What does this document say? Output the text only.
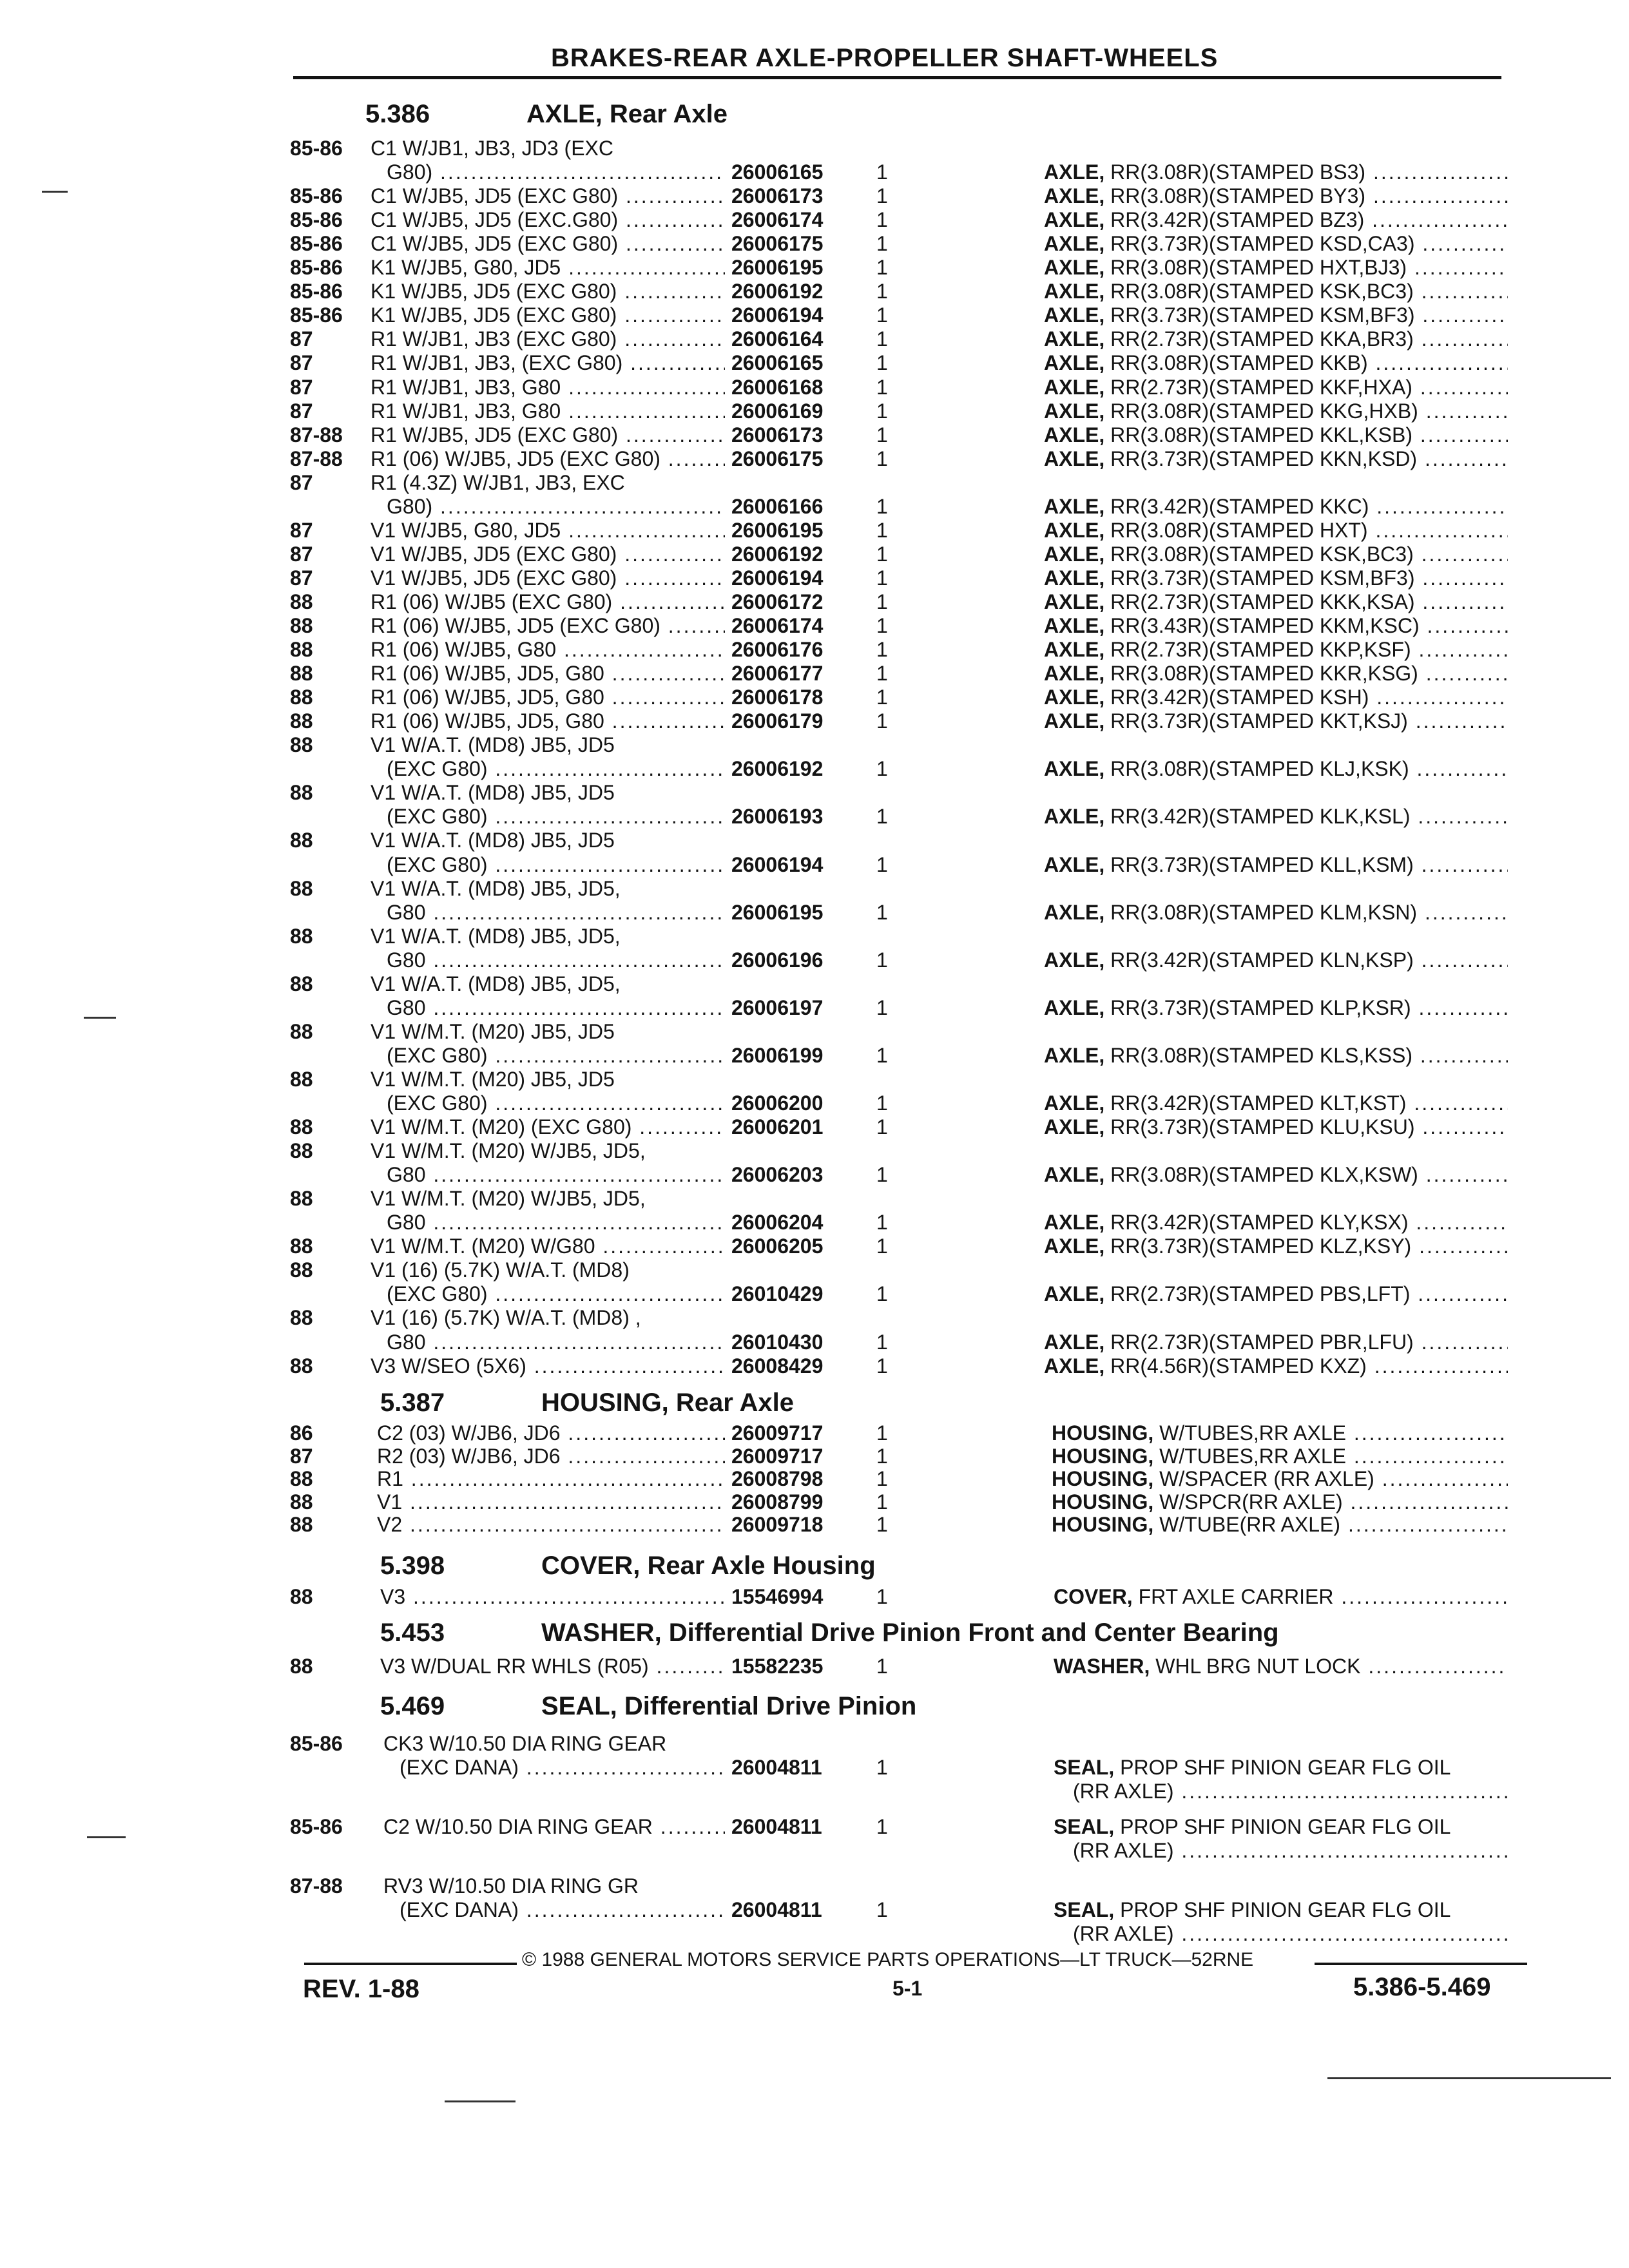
BRAKES-REAR AXLE-PROPELLER SHAFT-WHEELS
5.386	AXLE, Rear Axle
85-86 C1 W/JB1, JB3, JD3 (EXC
G80) .....	26006165	1	AXLE, RR(3.08R)(STAMPED BS3) .....
85-86 C1 W/JB5, JD5 (EXC G80) .....	26006173	1	AXLE, RR(3.08R)(STAMPED BY3) .....
85-86 C1 W/JB5, JD5 (EXC.G80) .....	26006174	1	AXLE, RR(3.42R)(STAMPED BZ3) .....
85-86 C1 W/JB5, JD5 (EXC G80) .....	26006175	1	AXLE, RR(3.73R)(STAMPED KSD,CA3) .....
85-86 K1 W/JB5, G80, JD5 .....	26006195	1	AXLE, RR(3.08R)(STAMPED HXT,BJ3) .....
85-86 K1 W/JB5, JD5 (EXC G80) .....	26006192	1	AXLE, RR(3.08R)(STAMPED KSK,BC3) .....
85-86 K1 W/JB5, JD5 (EXC G80) .....	26006194	1	AXLE, RR(3.73R)(STAMPED KSM,BF3) .....
87	R1 W/JB1, JB3 (EXC G80) .....	26006164	1	AXLE, RR(2.73R)(STAMPED KKA,BR3) .....
87	R1 W/JB1, JB3, (EXC G80) .....	26006165	1	AXLE, RR(3.08R)(STAMPED KKB) .....
87	R1 W/JB1, JB3, G80 .....	26006168	1	AXLE, RR(2.73R)(STAMPED KKF,HXA) .....
87	R1 W/JB1, JB3, G80 .....	26006169	1	AXLE, RR(3.08R)(STAMPED KKG,HXB) .....
87-88 R1 W/JB5, JD5 (EXC G80) .....	26006173	1	AXLE, RR(3.08R)(STAMPED KKL,KSB) .....
87-88 R1 (06) W/JB5, JD5 (EXC G80) .....	26006175	1	AXLE, RR(3.73R)(STAMPED KKN,KSD) .....
87	R1 (4.3Z) W/JB1, JB3, EXC
G80) .....	26006166	1	AXLE, RR(3.42R)(STAMPED KKC) .....
87	V1 W/JB5, G80, JD5 .....	26006195	1	AXLE, RR(3.08R)(STAMPED HXT) .....
87	V1 W/JB5, JD5 (EXC G80) .....	26006192	1	AXLE, RR(3.08R)(STAMPED KSK,BC3) .....
87	V1 W/JB5, JD5 (EXC G80) .....	26006194	1	AXLE, RR(3.73R)(STAMPED KSM,BF3) .....
88	R1 (06) W/JB5 (EXC G80) .....	26006172	1	AXLE, RR(2.73R)(STAMPED KKK,KSA) .....
88	R1 (06) W/JB5, JD5 (EXC G80) .....	26006174	1	AXLE, RR(3.43R)(STAMPED KKM,KSC) .....
88	R1 (06) W/JB5, G80 .....	26006176	1	AXLE, RR(2.73R)(STAMPED KKP,KSF) .....
88	R1 (06) W/JB5, JD5, G80 .....	26006177	1	AXLE, RR(3.08R)(STAMPED KKR,KSG) .....
88	R1 (06) W/JB5, JD5, G80 .....	26006178	1	AXLE, RR(3.42R)(STAMPED KSH) .....
88	R1 (06) W/JB5, JD5, G80 .....	26006179	1	AXLE, RR(3.73R)(STAMPED KKT,KSJ) .....
88	V1 W/A.T. (MD8) JB5, JD5
(EXC G80) .....	26006192	1	AXLE, RR(3.08R)(STAMPED KLJ,KSK) .....
88	V1 W/A.T. (MD8) JB5, JD5
(EXC G80) .....	26006193	1	AXLE, RR(3.42R)(STAMPED KLK,KSL) .....
88	V1 W/A.T. (MD8) JB5, JD5
(EXC G80) .....	26006194	1	AXLE, RR(3.73R)(STAMPED KLL,KSM) .....
88	V1 W/A.T. (MD8) JB5, JD5,
G80 .....	26006195	1	AXLE, RR(3.08R)(STAMPED KLM,KSN) .....
88	V1 W/A.T. (MD8) JB5, JD5,
G80 .....	26006196	1	AXLE, RR(3.42R)(STAMPED KLN,KSP) .....
88	V1 W/A.T. (MD8) JB5, JD5,
G80 .....	26006197	1	AXLE, RR(3.73R)(STAMPED KLP,KSR) .....
88	V1 W/M.T. (M20) JB5, JD5
(EXC G80) .....	26006199	1	AXLE, RR(3.08R)(STAMPED KLS,KSS) .....
88	V1 W/M.T. (M20) JB5, JD5
(EXC G80) .....	26006200	1	AXLE, RR(3.42R)(STAMPED KLT,KST) .....
88	V1 W/M.T. (M20) (EXC G80) .....	26006201	1	AXLE, RR(3.73R)(STAMPED KLU,KSU) .....
88	V1 W/M.T. (M20) W/JB5, JD5,
G80 .....	26006203	1	AXLE, RR(3.08R)(STAMPED KLX,KSW) .....
88	V1 W/M.T. (M20) W/JB5, JD5,
G80 .....	26006204	1	AXLE, RR(3.42R)(STAMPED KLY,KSX) .....
88	V1 W/M.T. (M20) W/G80 .....	26006205	1	AXLE, RR(3.73R)(STAMPED KLZ,KSY) .....
88	V1 (16) (5.7K) W/A.T. (MD8)
(EXC G80) .....	26010429	1	AXLE, RR(2.73R)(STAMPED PBS,LFT) .....
88	V1 (16) (5.7K) W/A.T. (MD8) ,
G80 .....	26010430	1	AXLE, RR(2.73R)(STAMPED PBR,LFU) .....
88	V3 W/SEO (5X6) .....	26008429	1	AXLE, RR(4.56R)(STAMPED KXZ) .....
5.387	HOUSING, Rear Axle
86	C2 (03) W/JB6, JD6 .....	26009717	1	HOUSING, W/TUBES,RR AXLE .....
87	R2 (03) W/JB6, JD6 .....	26009717	1	HOUSING, W/TUBES,RR AXLE .....
88	R1 .....	26008798	1	HOUSING, W/SPACER (RR AXLE) .....
88	V1 .....	26008799	1	HOUSING, W/SPCR(RR AXLE) .....
88	V2 .....	26009718	1	HOUSING, W/TUBE(RR AXLE) .....
5.398	COVER, Rear Axle Housing
88	V3 .....	15546994	1	COVER, FRT AXLE CARRIER .....
5.453	WASHER, Differential Drive Pinion Front and Center Bearing
88	V3 W/DUAL RR WHLS (R05) .....	15582235	1	WASHER, WHL BRG NUT LOCK .....
5.469	SEAL, Differential Drive Pinion
85-86 CK3 W/10.50 DIA RING GEAR
(EXC DANA) .....	26004811	1	SEAL, PROP SHF PINION GEAR FLG OIL
(RR AXLE) .....
85-86 C2 W/10.50 DIA RING GEAR .....	26004811	1	SEAL, PROP SHF PINION GEAR FLG OIL
(RR AXLE) .....
87-88 RV3 W/10.50 DIA RING GR
(EXC DANA) .....	26004811	1	SEAL, PROP SHF PINION GEAR FLG OIL
(RR AXLE) .....
© 1988 GENERAL MOTORS SERVICE PARTS OPERATIONS—LT TRUCK—52RNE
REV. 1-88	5-1	5.386-5.469
